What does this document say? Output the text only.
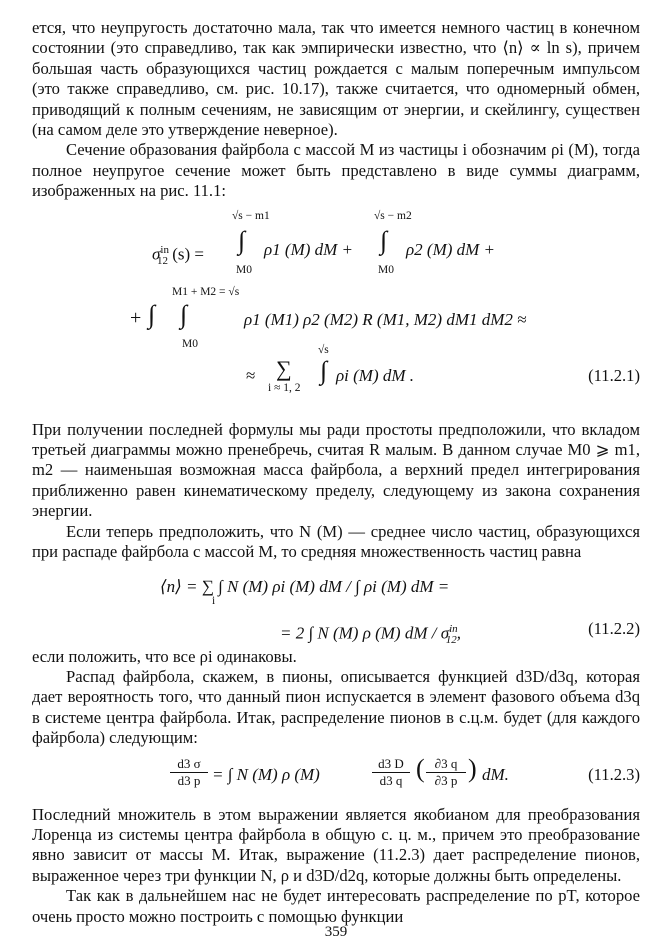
ется, что неупругость достаточно мала, так что имеется немного частиц в конечном состоянии (это справедливо, так как эмпирически известно, что ⟨n⟩ ∝ ln s), причем большая часть образующихся частиц рождается с малым поперечным импульсом (это также справедливо, см. рис. 10.17), также считается, что одномерный обмен, приводящий к полным сечениям, не зависящим от энергии, и скейлингу, существен (на самом деле это утверждение неверное).

Сечение образования файрбола с массой M из частицы i обозначим ρi (M), тогда полное неупругое сечение может быть представлено в виде суммы диаграмм, изображенных на рис. 11.1:

$\sigma^{in}_{12}$ (s) =
√s − m1
∫
M0
ρ1 (M) dM +
√s − m2
∫
M0
ρ2 (M) dM +
+ ∫
M1 + M2 = √s
∫
M0
ρ1 (M1) ρ2 (M2) R (M1, M2) dM1 dM2 ≈
≈ ∑
i ≈ 1, 2
√s
∫ ρi (M) dM .	(11.2.1)

При получении последней формулы мы ради простоты предположили, что вкладом третьей диаграммы можно пренебречь, считая R малым. В данном случае M0 ⩾ m1, m2 — наименьшая возможная масса файрбола, а верхний предел интегрирования приближенно равен кинематическому пределу, следующему из закона сохранения энергии.

Если теперь предположить, что N (M) — среднее число частиц, образующихся при распаде файрбола с массой M, то средняя множественность частиц равна

⟨n⟩ = ∑ ∫ N (M) ρi (M) dM / ∫ ρi (M) dM =
i
= 2 ∫ N (M) ρ (M) dM / $\sigma^{in}_{12}$,	(11.2.2)

если положить, что все ρi одинаковы.

Распад файрбола, скажем, в пионы, описывается функцией d3D/d3q, которая дает вероятность того, что данный пион испускается в элемент фазового объема d3q в системе центра файрбола. Итак, распределение пионов в с.ц.м. будет (для каждого файрбола) следующим:

d3 σ
d3 p = ∫ N (M) ρ (M)
d3 D
d3 q ( ∂3 q
∂3 p ) dM.	(11.2.3)

Последний множитель в этом выражении является якобианом для преобразования Лоренца из системы центра файрбола в общую с. ц. м., причем это преобразование явно зависит от массы M. Итак, выражение (11.2.3) дает распределение пионов, выраженное через три функции N, ρ и d3D/d2q, которые должны быть определены.

Так как в дальнейшем нас не будет интересовать распределение по pT, которое очень просто можно построить с помощью функции

359
